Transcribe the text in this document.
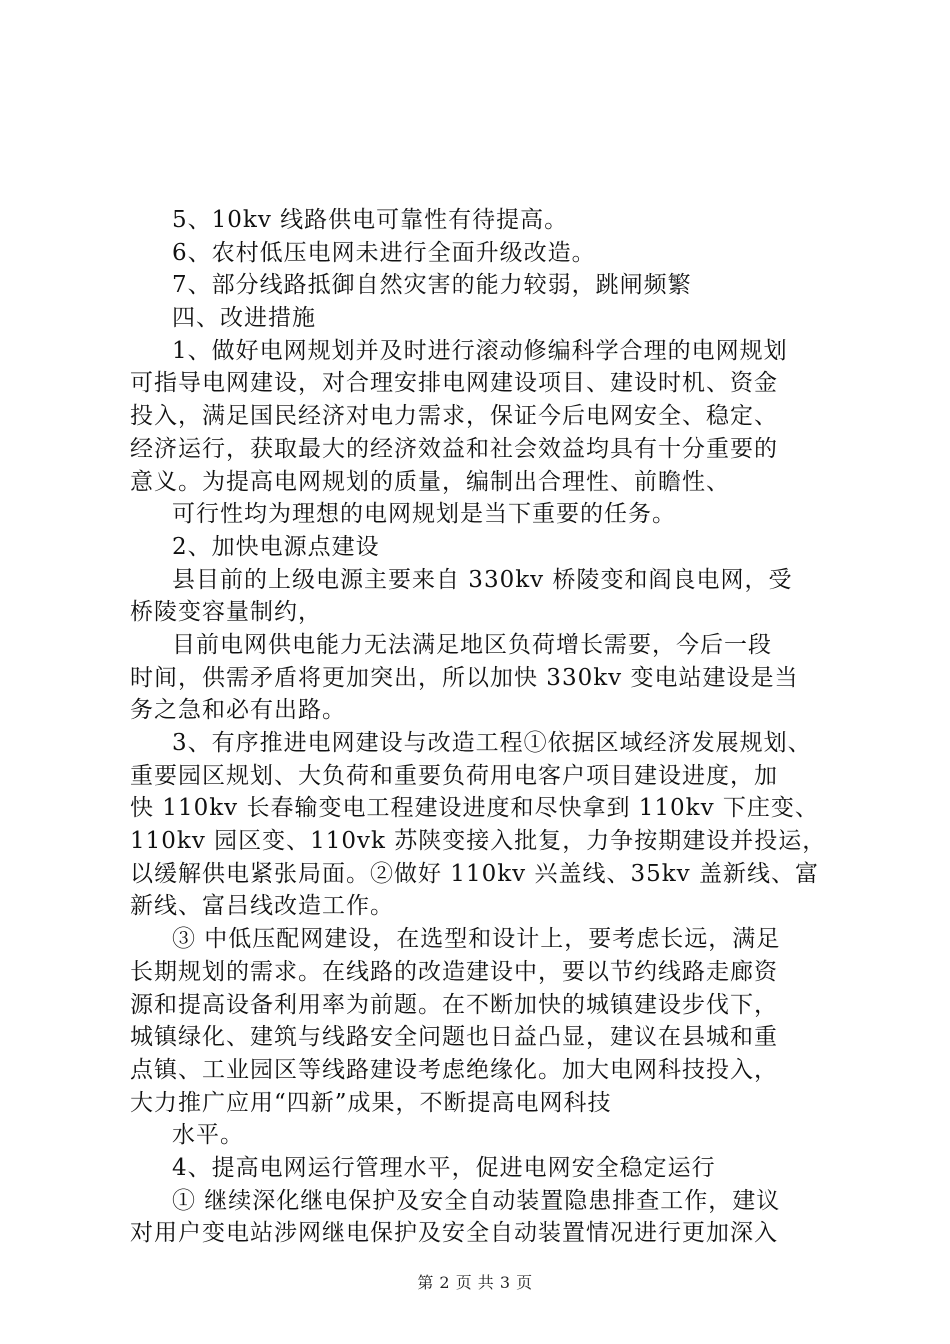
5、10kv 线路供电可靠性有待提高。
6、农村低压电网未进行全面升级改造。
7、部分线路抵御自然灾害的能力较弱，跳闸频繁
四、改进措施
1、做好电网规划并及时进行滚动修编科学合理的电网规划
可指导电网建设，对合理安排电网建设项目、建设时机、资金
投入，满足国民经济对电力需求，保证今后电网安全、稳定、
经济运行，获取最大的经济效益和社会效益均具有十分重要的
意义。为提高电网规划的质量，编制出合理性、前瞻性、
可行性均为理想的电网规划是当下重要的任务。
2、加快电源点建设
县目前的上级电源主要来自 330kv 桥陵变和阎良电网，受
桥陵变容量制约，
目前电网供电能力无法满足地区负荷增长需要，今后一段
时间，供需矛盾将更加突出，所以加快 330kv 变电站建设是当
务之急和必有出路。
3、有序推进电网建设与改造工程①依据区域经济发展规划、
重要园区规划、大负荷和重要负荷用电客户项目建设进度，加
快 110kv 长春输变电工程建设进度和尽快拿到 110kv 下庄变、
110kv 园区变、110vk 苏陕变接入批复，力争按期建设并投运，
以缓解供电紧张局面。②做好 110kv 兴盖线、35kv 盖新线、富
新线、富吕线改造工作。
③ 中低压配网建设，在选型和设计上，要考虑长远，满足
长期规划的需求。在线路的改造建设中，要以节约线路走廊资
源和提高设备利用率为前题。在不断加快的城镇建设步伐下，
城镇绿化、建筑与线路安全问题也日益凸显，建议在县城和重
点镇、工业园区等线路建设考虑绝缘化。加大电网科技投入，
大力推广应用“四新”成果，不断提高电网科技
水平。
4、提高电网运行管理水平，促进电网安全稳定运行
① 继续深化继电保护及安全自动装置隐患排查工作，建议
对用户变电站涉网继电保护及安全自动装置情况进行更加深入
第 2 页 共 3 页
